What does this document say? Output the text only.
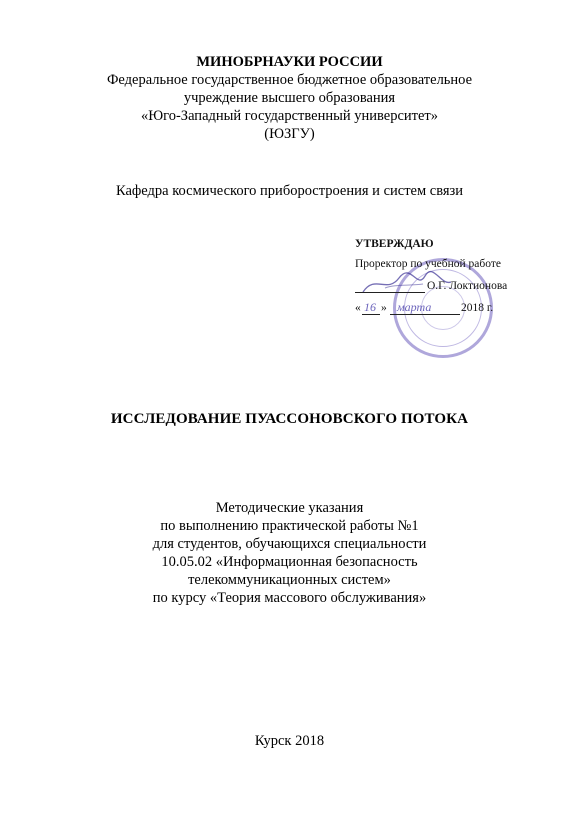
МИНОБРНАУКИ РОССИИ
Федеральное государственное бюджетное образовательное
учреждение высшего образования
«Юго-Западный государственный университет»
(ЮЗГУ)
Кафедра космического приборостроения и систем связи
УТВЕРЖДАЮ
Проректор по учебной работе
О.Г. Локтионова
« 16 » марта	2018 г.
ИССЛЕДОВАНИЕ ПУАССОНОВСКОГО ПОТОКА
Методические указания
по выполнению практической работы №1
для студентов, обучающихся специальности
10.05.02 «Информационная безопасность
телекоммуникационных систем»
по курсу «Теория массового обслуживания»
Курск 2018
